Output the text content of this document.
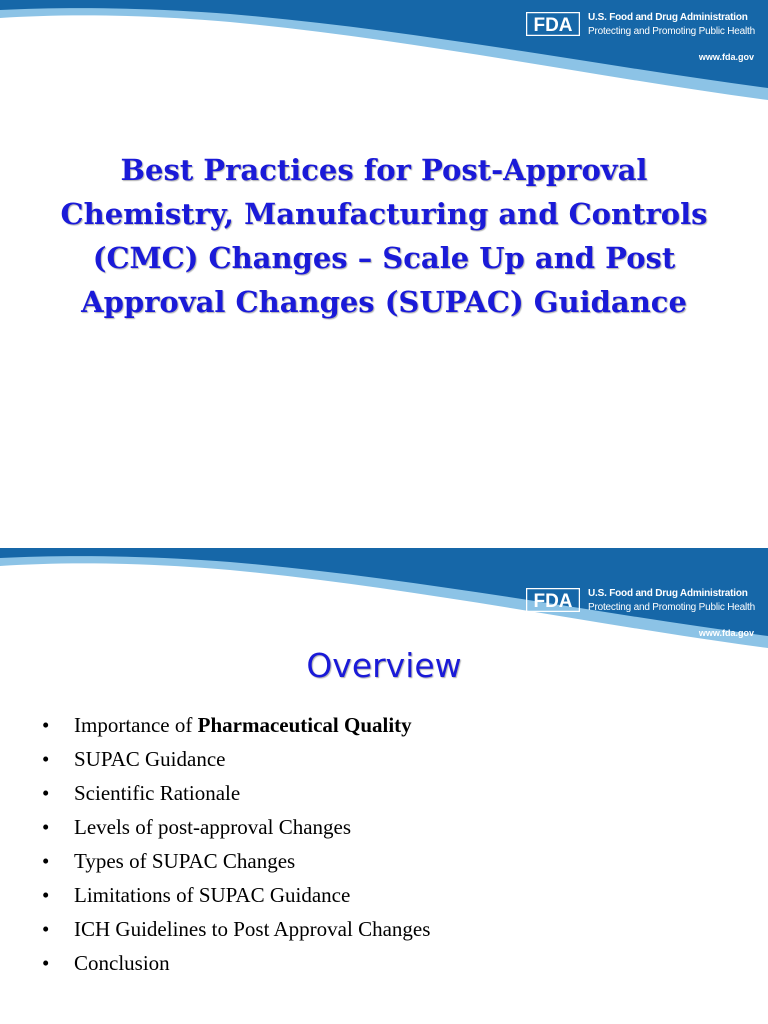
FDA U.S. Food and Drug Administration
Protecting and Promoting Public Health
www.fda.gov
Best Practices for Post-Approval
Chemistry, Manufacturing and Controls
(CMC) Changes – Scale Up and Post
Approval Changes (SUPAC) Guidance
FDA U.S. Food and Drug Administration
Protecting and Promoting Public Health
www.fda.gov
Overview
• Importance of Pharmaceutical Quality
• SUPAC Guidance
• Scientific Rationale
• Levels of post-approval Changes
• Types of SUPAC Changes
• Limitations of SUPAC Guidance
• ICH Guidelines to Post Approval Changes
• Conclusion
